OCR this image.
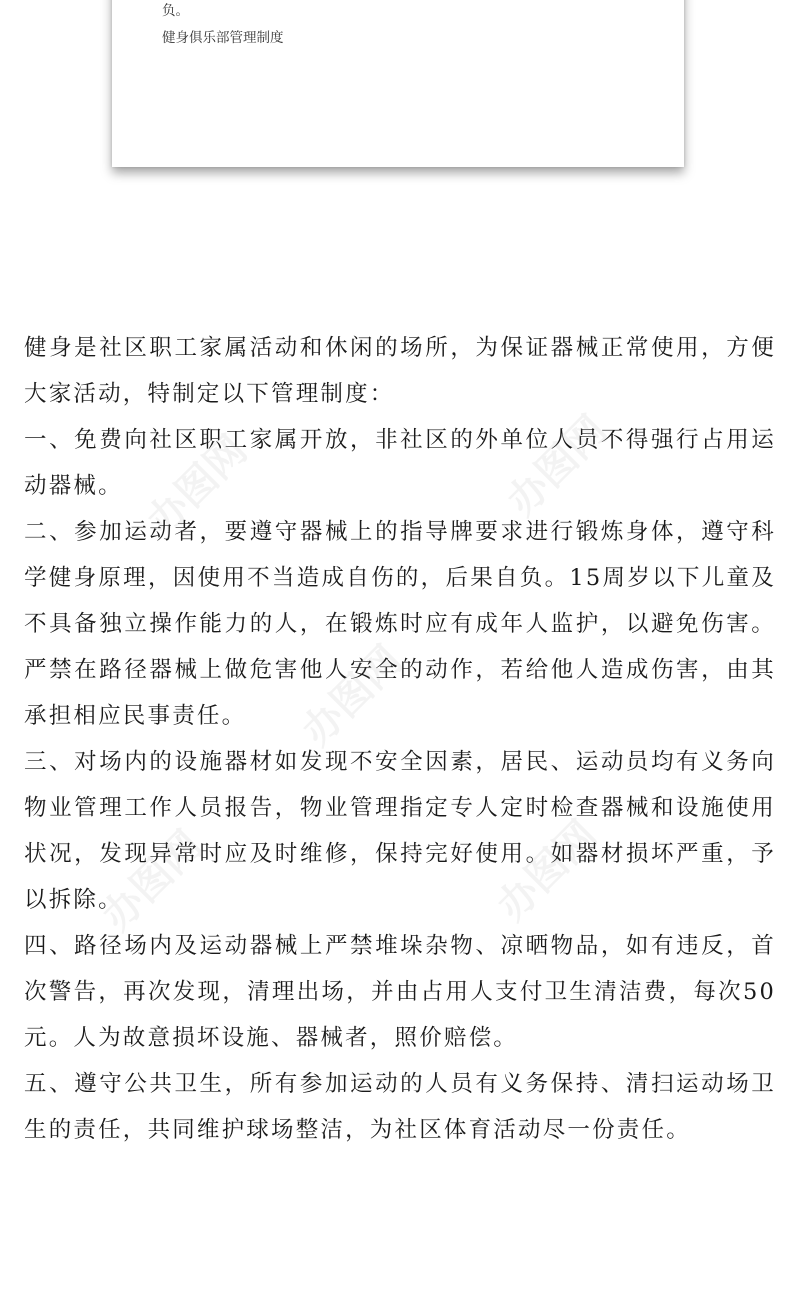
负。

健身俱乐部管理制度

健身是社区职工家属活动和休闲的场所，为保证器械正常使用，方便大家活动，特制定以下管理制度：

一、免费向社区职工家属开放，非社区的外单位人员不得强行占用运动器械。

二、参加运动者，要遵守器械上的指导牌要求进行锻炼身体，遵守科学健身原理，因使用不当造成自伤的，后果自负。15周岁以下儿童及不具备独立操作能力的人，在锻炼时应有成年人监护，以避免伤害。严禁在路径器械上做危害他人安全的动作，若给他人造成伤害，由其承担相应民事责任。

三、对场内的设施器材如发现不安全因素，居民、运动员均有义务向物业管理工作人员报告，物业管理指定专人定时检查器械和设施使用状况，发现异常时应及时维修，保持完好使用。如器材损坏严重，予以拆除。

四、路径场内及运动器械上严禁堆垛杂物、凉晒物品，如有违反，首次警告，再次发现，清理出场，并由占用人支付卫生清洁费，每次50元。人为故意损坏设施、器械者，照价赔偿。

五、遵守公共卫生，所有参加运动的人员有义务保持、清扫运动场卫生的责任，共同维护球场整洁，为社区体育活动尽一份责任。

办图网	办图网
办图网
办图网	办图网
